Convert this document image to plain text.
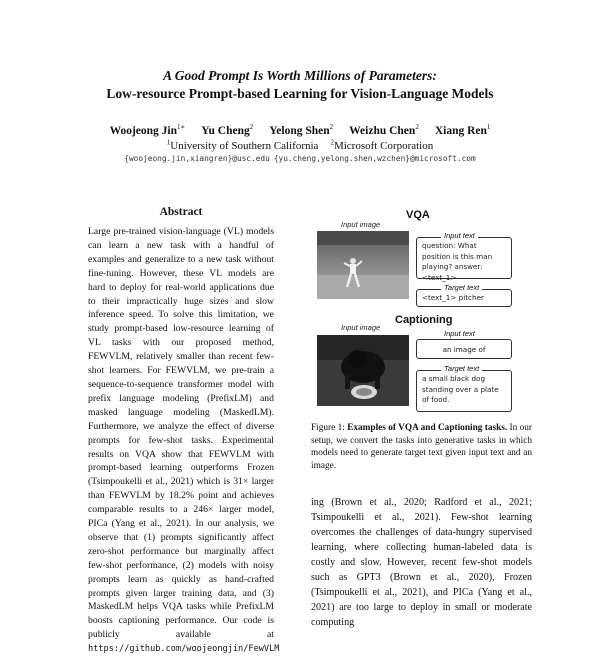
A Good Prompt Is Worth Millions of Parameters:
Low-resource Prompt-based Learning for Vision-Language Models
Woojeong Jin$^{1∗}$ Yu Cheng$^2$ Yelong Shen$^2$ Weizhu Chen$^2$ Xiang Ren$^1$
$^1$University of Southern California $^2$Microsoft Corporation
{woojeong.jin,xiangren}@usc.edu {yu.cheng,yelong.shen,wzchen}@microsoft.com
Abstract
Large pre-trained vision-language (VL) models can learn a new task with a handful of examples and generalize to a new task without fine-tuning. However, these VL models are hard to deploy for real-world applications due to their impractically huge sizes and slow inference speed. To solve this limitation, we study prompt-based low-resource learning of VL tasks with our proposed method, FEWVLM, relatively smaller than recent few-shot learners. For FEWVLM, we pre-train a sequence-to-sequence transformer model with prefix language modeling (PrefixLM) and masked language modeling (MaskedLM). Furthermore, we analyze the effect of diverse prompts for few-shot tasks. Experimental results on VQA show that FEWVLM with prompt-based learning outperforms Frozen (Tsimpoukelli et al., 2021) which is 31× larger than FEWVLM by 18.2% point and achieves comparable results to a 246× larger model, PICa (Yang et al., 2021). In our analysis, we observe that (1) prompts significantly affect zero-shot performance but marginally affect few-shot performance, (2) models with noisy prompts learn as quickly as hand-crafted prompts given larger training data, and (3) MaskedLM helps VQA tasks while PrefixLM boosts captioning performance. Our code is publicly available at https://github.com/woojeongjin/FewVLM
VQA
Input image
question: What position is this man playing? answer: <text_1>
Input text
<text_1> pitcher
Target text
Captioning
Input image
an image of
Input text
a small black dog standing over a plate of food.
Target text
Figure 1: Examples of VQA and Captioning tasks. In our setup, we convert the tasks into generative tasks in which models need to generate target text given input text and an image.
ing (Brown et al., 2020; Radford et al., 2021; Tsimpoukelli et al., 2021). Few-shot learning overcomes the challenges of data-hungry supervised learning, where collecting human-labeled data is costly and slow. However, recent few-shot models such as GPT3 (Brown et al., 2020), Frozen (Tsimpoukelli et al., 2021), and PICa (Yang et al., 2021) are too large to deploy in small or moderate computing
